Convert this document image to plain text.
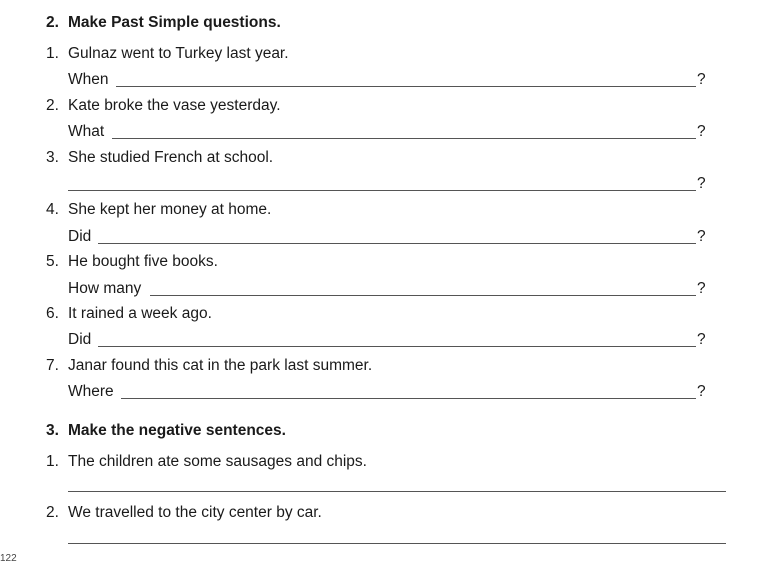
2. Make Past Simple questions.
1. Gulnaz went to Turkey last year.
When	?
2. Kate broke the vase yesterday.
What	?
3. She studied French at school.
?
4. She kept her money at home.
Did	?
5. He bought five books.
How many	?
6. It rained a week ago.
Did	?
7. Janar found this cat in the park last summer.
Where	?
3. Make the negative sentences.
1. The children ate some sausages and chips.
2. We travelled to the city center by car.
122
